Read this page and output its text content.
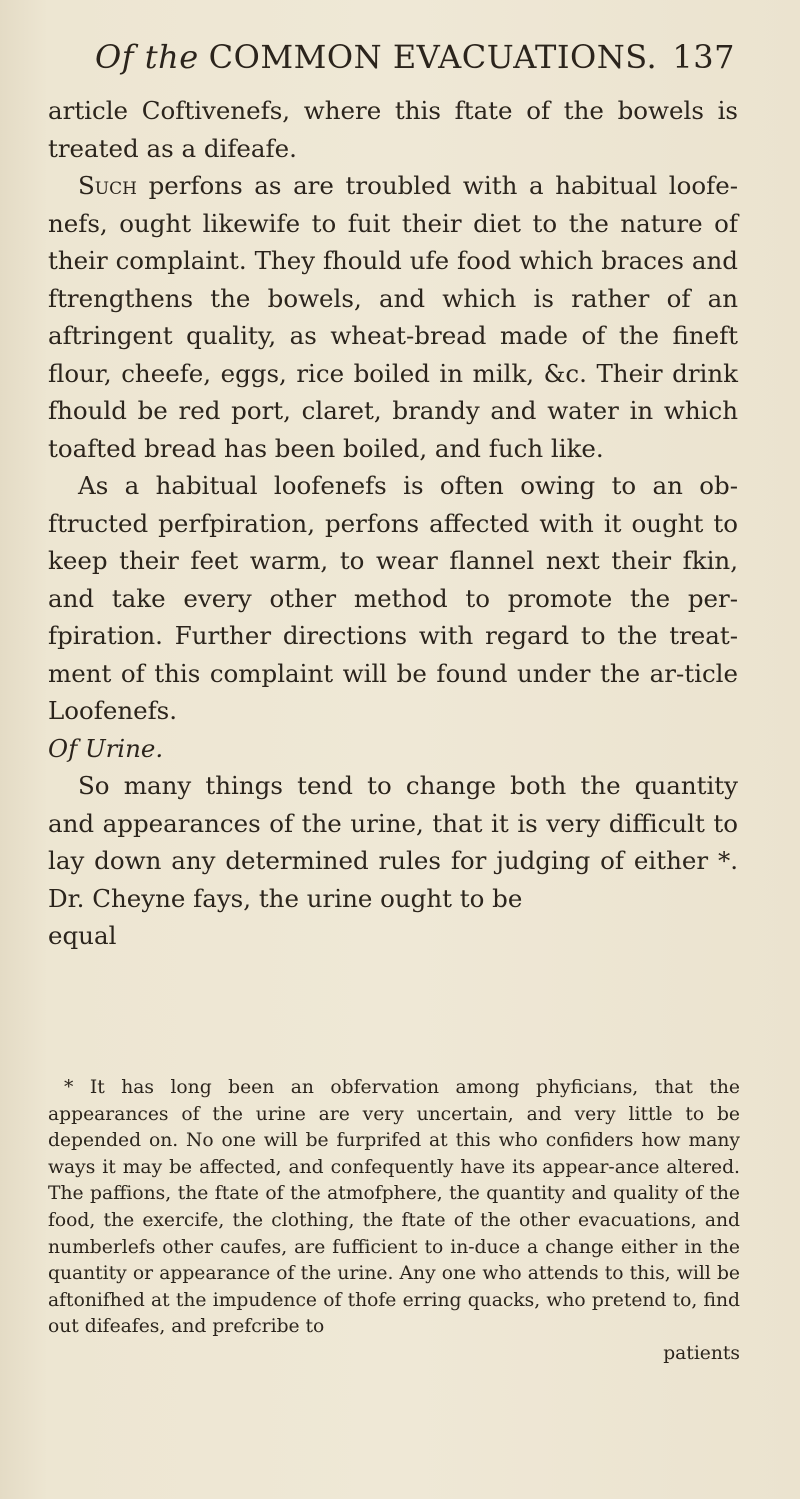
Of the COMMON EVACUATIONS. 137

article Coftivenefs, where this ftate of the bowels is treated as a difeafe.

Such perfons as are troubled with a habitual loofe-nefs, ought likewife to fuit their diet to the nature of their complaint. They fhould ufe food which braces and ftrengthens the bowels, and which is rather of an aftringent quality, as wheat-bread made of the fineft flour, cheefe, eggs, rice boiled in milk, &c. Their drink fhould be red port, claret, brandy and water in which toafted bread has been boiled, and fuch like.

As a habitual loofenefs is often owing to an ob-ftructed perfpiration, perfons affected with it ought to keep their feet warm, to wear flannel next their fkin, and take every other method to promote the per-fpiration. Further directions with regard to the treat-ment of this complaint will be found under the ar-ticle Loofenefs.

Of Urine.

So many things tend to change both the quantity and appearances of the urine, that it is very difficult to lay down any determined rules for judging of either *. Dr. Cheyne fays, the urine ought to be

equal

* It has long been an obfervation among phyficians, that the appearances of the urine are very uncertain, and very little to be depended on. No one will be furprifed at this who confiders how many ways it may be affected, and confequently have its appear-ance altered. The paffions, the ftate of the atmofphere, the quantity and quality of the food, the exercife, the clothing, the ftate of the other evacuations, and numberlefs other caufes, are fufficient to in-duce a change either in the quantity or appearance of the urine. Any one who attends to this, will be aftonifhed at the impudence of thofe erring quacks, who pretend to, find out difeafes, and prefcribe to

patients
